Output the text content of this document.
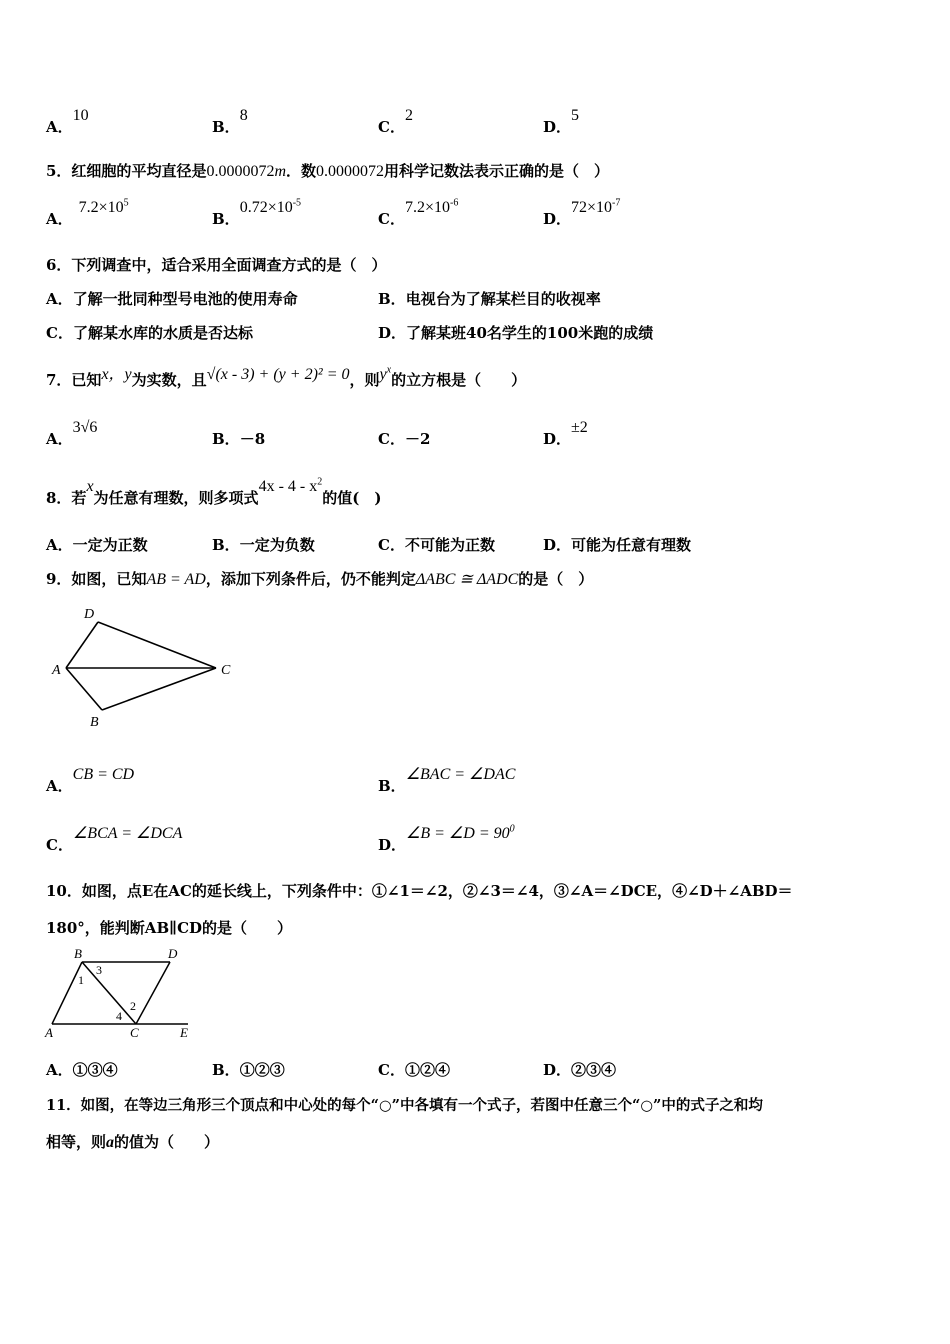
A．10
B．8
C．2
D．5
5．红细胞的平均直径是0.0000072m．数0.0000072用科学记数法表示正确的是（　）
A．$7.2\times 10^5$
B．$0.72\times 10^{-5}$
C．$7.2\times 10^{-6}$
D．$72\times 10^{-7}$
6．下列调查中，适合采用全面调查方式的是（　）
A．了解一批同种型号电池的使用寿命	B．电视台为了解某栏目的收视率
C．了解某水库的水质是否达标	D．了解某班40名学生的100米跑的成绩
7．已知x，y为实数，且√(x - 3) + (y + 2)² = 0，则$y^x$的立方根是（　　）
A．3√6
B．－8	C．－2	D．±2
8．若x为任意有理数，则多项式$4x - 4 - x^2$的值(　)
A．一定为正数	B．一定为负数	C．不可能为正数	D．可能为任意有理数
9．如图，已知AB = AD，添加下列条件后，仍不能判定ΔABC ≅ ΔADC的是（　）
D
A	C
B
A．CB = CD
B．∠BAC = ∠DAC
C．∠BCA = ∠DCA
D．∠B = ∠D = $90^0$
10．如图，点E在AC的延长线上，下列条件中：①∠1＝∠2，②∠3＝∠4，③∠A＝∠DCE，④∠D＋∠ABD＝
180°，能判断AB∥CD的是（　　）
B	D
A	C	E
3
1
2
4
A．①③④	B．①②③	C．①②④	D．②③④
11．如图，在等边三角形三个顶点和中心处的每个“○”中各填有一个式子，若图中任意三个“○”中的式子之和均
相等，则a的值为（　　）
